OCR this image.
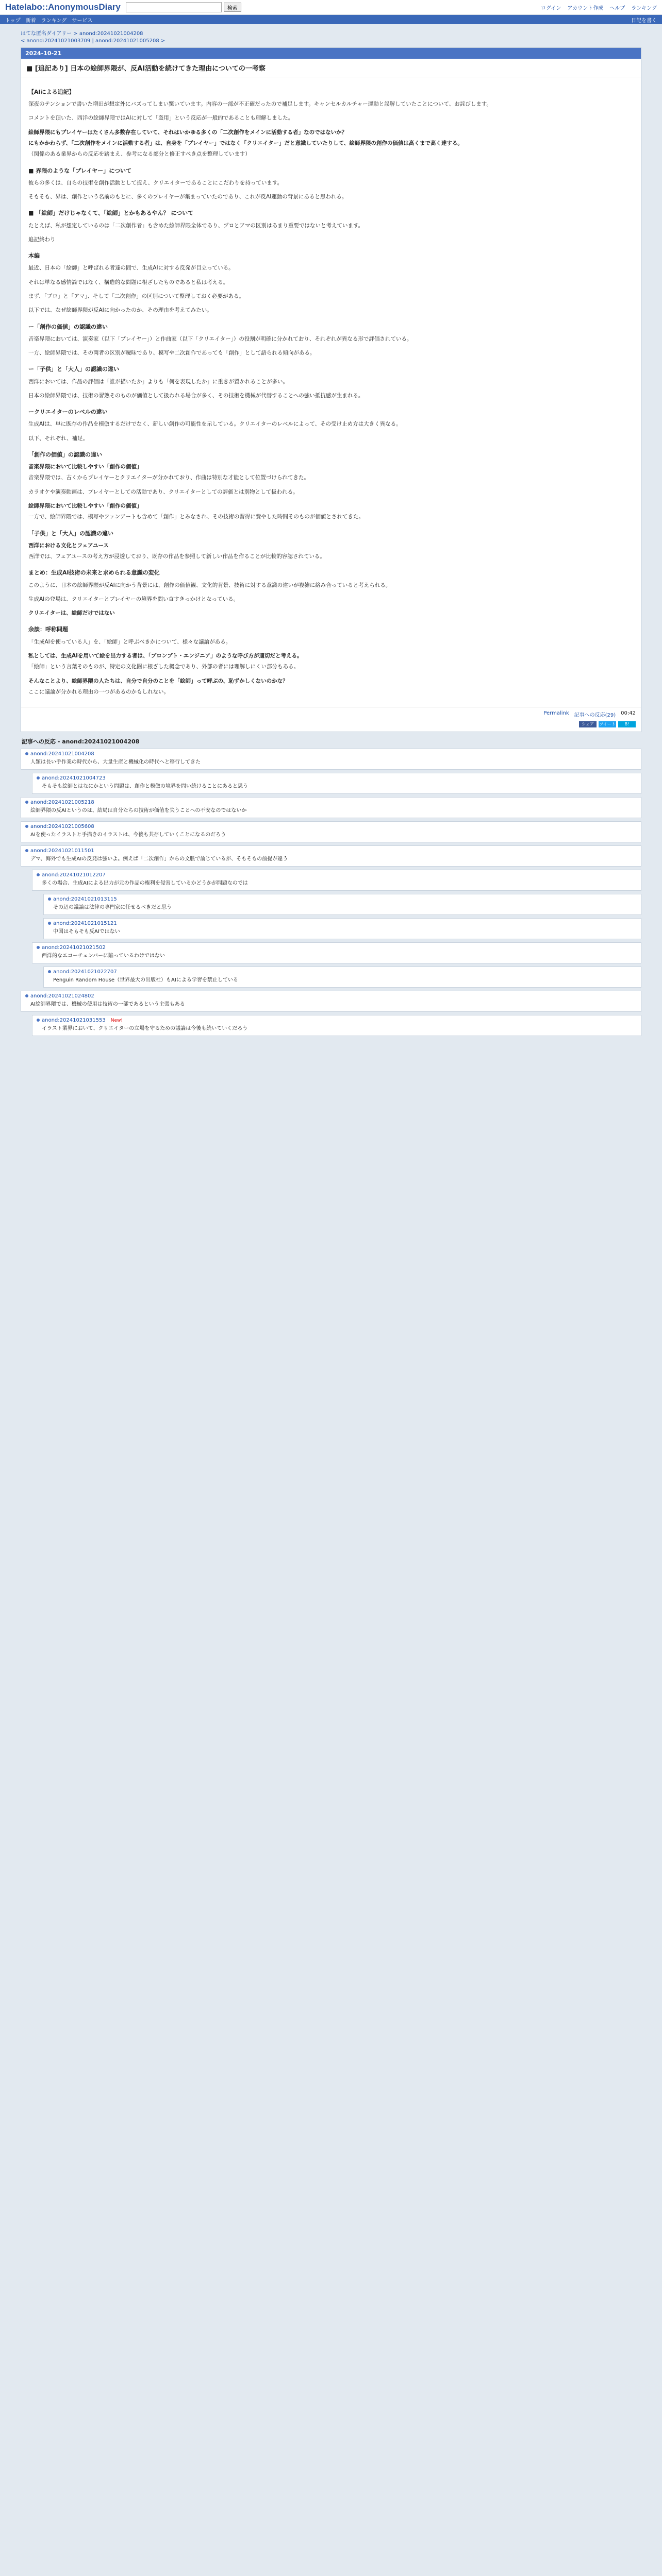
Hatelabo::AnonymousDiary	検索	ログイン アカウント作成 ヘルプ ランキング
トップ 新着 ランキング サービス	日記を書く
はてな匿名ダイアリー > anond:20241021004208
< anond:20241021003709 | anond:20241021005208 >
2024-10-21
■ [追記あり] 日本の絵師界隈が、反AI活動を続けてきた理由についての一考察
【AIによる追記】

深夜のテンションで書いた増田が想定外にバズってしまい驚いています。内容の一部が不正確だったので補足します。キャンセルカルチャー運動と誤解していたことについて、お詫びします。

コメントを頂いた、西洋の絵師界隈ではAIに対して「盗用」という反応が一般的であることも理解しました。

絵師界隈にもプレイヤーはたくさん多数存在していて、それはいかゆる多くの「二次創作をメインに活動する者」なのではないか？

にもかかわらず、「二次創作をメインに活動する者」は、自身を「プレイヤー」ではなく「クリエイター」だと意識していたりして、絵師界隈の創作の価値は高くまで高く達する。

（関係のある業界からの反応を踏まえ、参考になる部分と修正すべき点を整理しています）

■ 界隈のような「プレイヤー」について

彼らの多くは、自らの技術を創作活動として捉え、クリエイターであることにこだわりを持っています。

そもそも、界は、創作という名前のもとに、多くのプレイヤーが集まっていたのであり、これが反AI運動の背景にあると思われる。

■ 「絵師」だけじゃなくて、「絵師」とかもあるやん？ について

たとえば、私が想定しているのは「二次創作者」も含めた絵師界隈全体であり、プロとアマの区別はあまり重要ではないと考えています。

追記終わり

本編

最近、日本の「絵師」と呼ばれる者達の間で、生成AIに対する反発が目立っている。

それは単なる感情論ではなく、構造的な問題に根ざしたものであると私は考える。

まず、「プロ」と「アマ」、そして「二次創作」の区別について整理しておく必要がある。

以下では、なぜ絵師界隈が反AIに向かったのか、その理由を考えてみたい。

ー「創作の価値」の認識の違い

音楽界隈においては、演奏家（以下「プレイヤー」）と作曲家（以下「クリエイター」）の役割が明確に分かれており、それぞれが異なる形で評価されている。

一方、絵師界隈では、その両者の区別が曖昧であり、模写や二次創作であっても「創作」として語られる傾向がある。

ー「子供」と「大人」の認識の違い

西洋においては、作品の評価は「誰が描いたか」よりも「何を表現したか」に重きが置かれることが多い。

日本の絵師界隈では、技術の習熟そのものが価値として扱われる場合が多く、その技術を機械が代替することへの強い抵抗感が生まれる。

ークリエイターのレベルの違い

生成AIは、単に既存の作品を模倣するだけでなく、新しい創作の可能性を示している。クリエイターのレベルによって、その受け止め方は大きく異なる。

以下、それぞれ、補足。

「創作の価値」の認識の違い

音楽界隈において比較しやすい「創作の価値」

音楽界隈では、古くからプレイヤーとクリエイターが分かれており、作曲は特別な才能として位置づけられてきた。

カラオケや演奏動画は、プレイヤーとしての活動であり、クリエイターとしての評価とは別物として扱われる。

絵師界隈において比較しやすい「創作の価値」

一方で、絵師界隈では、模写やファンアートも含めて「創作」とみなされ、その技術の習得に費やした時間そのものが価値とされてきた。

「子供」と「大人」の認識の違い

西洋における文化とフェアユース

西洋では、フェアユースの考え方が浸透しており、既存の作品を参照して新しい作品を作ることが比較的容認されている。

まとめ：生成AI技術の未来と求められる意識の変化

このように、日本の絵師界隈が反AIに向かう背景には、創作の価値観、文化的背景、技術に対する意識の違いが複雑に絡み合っていると考えられる。

生成AIの登場は、クリエイターとプレイヤーの境界を問い直すきっかけとなっている。

クリエイターは、絵師だけではない

余談：呼称問題

「生成AIを使っている人」を、「絵師」と呼ぶべきかについて、様々な議論がある。

私としては、生成AIを用いて絵を出力する者は、「プロンプト・エンジニア」のような呼び方が適切だと考える。

「絵師」という言葉そのものが、特定の文化圏に根ざした概念であり、外部の者には理解しにくい部分もある。

そんなことより、絵師界隈の人たちは、自分で自分のことを「絵師」って呼ぶの、恥ずかしくないのかな？

ここに議論が分かれる理由の一つがあるのかもしれない。

Permalink 記事への反応(29) 00:42
シェア	ツイート	B!
記事への反応 - anond:20241021004208
anond:20241021004208
人類は長い手作業の時代から、大量生産と機械化の時代へと移行してきた
anond:20241021004723
そもそも絵師とはなにかという問題は、創作と模倣の境界を問い続けることにあると思う
anond:20241021005218
絵師界隈の反AIというのは、結局は自分たちの技術が価値を失うことへの不安なのではないか
anond:20241021005608
AIを使ったイラストと手描きのイラストは、今後も共存していくことになるのだろう
anond:20241021011501
デマ、海外でも生成AIの反発は強いよ。例えば「二次創作」からの文脈で論じているが、そもそもの前提が違う
anond:20241021012207
多くの場合、生成AIによる出力が元の作品の権利を侵害しているかどうかが問題なのでは
anond:20241021013115
その辺の議論は法律の専門家に任せるべきだと思う
anond:20241021015121
中国はそもそも反AIではない
anond:20241021021502
西洋的なエコーチェンバーに陥っているわけではない
anond:20241021022707
Penguin Random House（世界最大の出版社）もAIによる学習を禁止している
anond:20241021024802
AI絵師界隈では、機械の使用は技術の一部であるという主張もある
anond:20241021031553 New!
イラスト業界において、クリエイターの立場を守るための議論は今後も続いていくだろう
